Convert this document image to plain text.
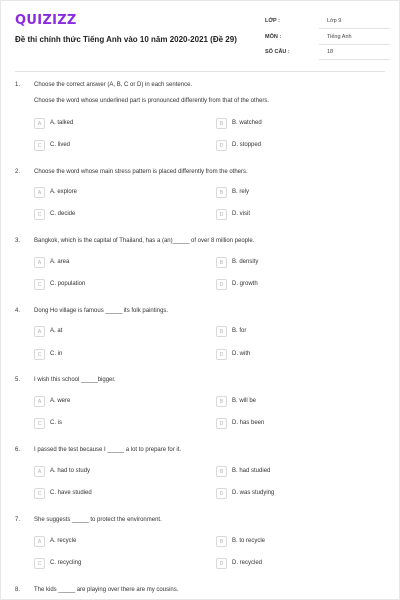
QUIZIZZ
Đề thi chính thức Tiếng Anh vào 10 năm 2020-2021 (Đề 29)
LỚP :	Lớp 9
MÔN :	Tiếng Anh
SỐ CÂU :	18
1. Choose the correct answer (A, B, C or D) in each sentence.
Choose the word whose underlined part is pronounced differently from that of the others.
A	A. talked	B	B. watched
C	C. lived	D	D. stopped
2. Choose the word whose main stress pattern is placed differently from the others.
A	A. explore	B	B. rely
C	C. decide	D	D. visit
3. Bangkok, which is the capital of Thailand, has a (an)_____ of over 8 million people.
A	A. area	B	B. density
C	C. population	D	D. growth
4. Dong Ho village is famous _____ its folk paintings.
A	A. at	B	B. for
C	C. in	D	D. with
5. I wish this school _____bigger.
A	A. were	B	B. will be
C	C. is	D	D. has been
6. I passed the test because I _____ a lot to prepare for it.
A	A. had to study	B	B. had studied
C	C. have studied	D	D. was studying
7. She suggests _____ to protect the environment.
A	A. recycle	B	B. to recycle
C	C. recycling	D	D. recycled
8. The kids _____ are playing over there are my cousins.
